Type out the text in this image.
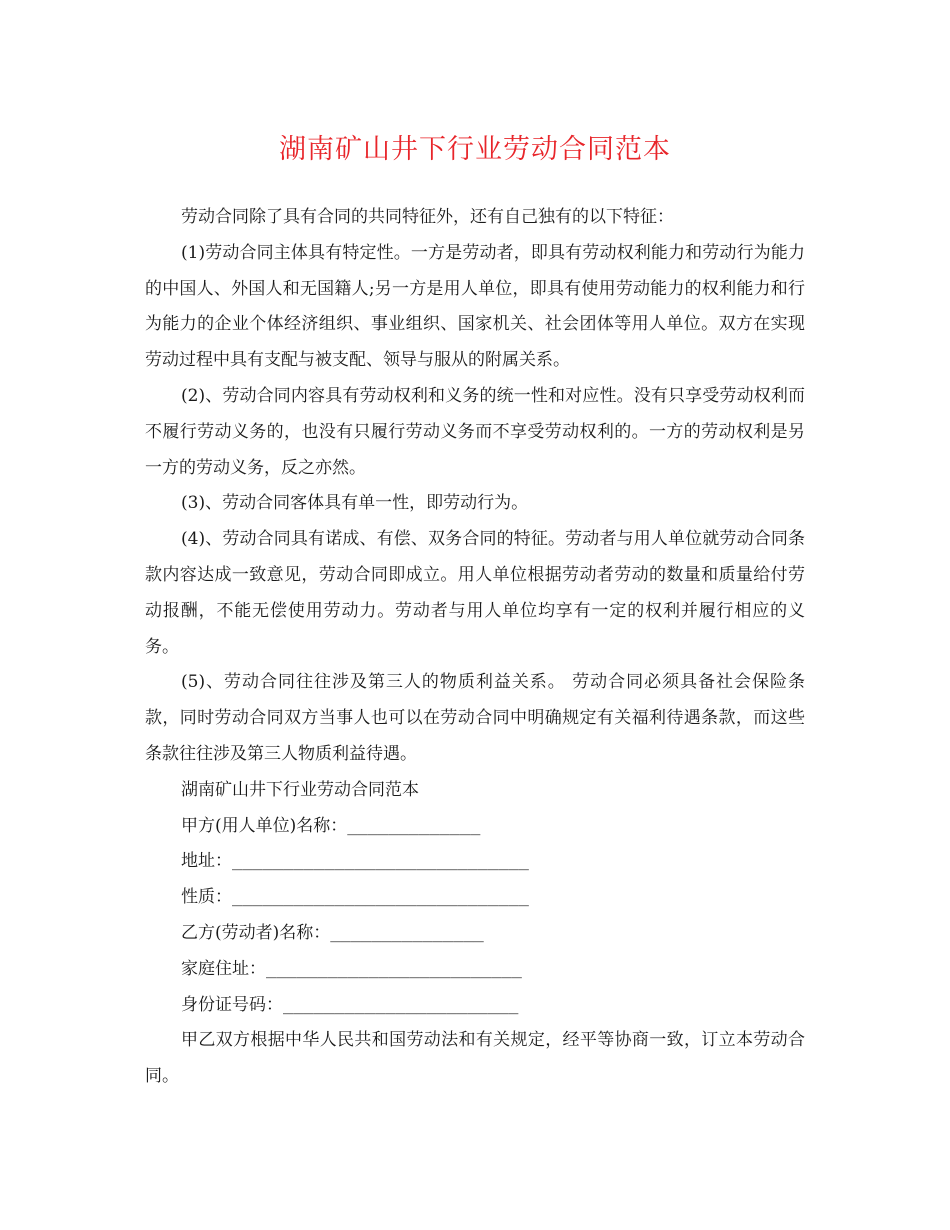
湖南矿山井下行业劳动合同范本

劳动合同除了具有合同的共同特征外，还有自己独有的以下特征：

(1)劳动合同主体具有特定性。一方是劳动者，即具有劳动权利能力和劳动行为能力的中国人、外国人和无国籍人;另一方是用人单位，即具有使用劳动能力的权利能力和行为能力的企业个体经济组织、事业组织、国家机关、社会团体等用人单位。双方在实现劳动过程中具有支配与被支配、领导与服从的附属关系。

(2)、劳动合同内容具有劳动权利和义务的统一性和对应性。没有只享受劳动权利而不履行劳动义务的，也没有只履行劳动义务而不享受劳动权利的。一方的劳动权利是另一方的劳动义务，反之亦然。

(3)、劳动合同客体具有单一性，即劳动行为。

(4)、劳动合同具有诺成、有偿、双务合同的特征。劳动者与用人单位就劳动合同条款内容达成一致意见，劳动合同即成立。用人单位根据劳动者劳动的数量和质量给付劳动报酬，不能无偿使用劳动力。劳动者与用人单位均享有一定的权利并履行相应的义务。

(5)、劳动合同往往涉及第三人的物质利益关系。 劳动合同必须具备社会保险条款，同时劳动合同双方当事人也可以在劳动合同中明确规定有关福利待遇条款，而这些条款往往涉及第三人物质利益待遇。

湖南矿山井下行业劳动合同范本

甲方(用人单位)名称：_____________

地址：_____________________________

性质：_____________________________

乙方(劳动者)名称：_______________

家庭住址：_________________________

身份证号码：_______________________

甲乙双方根据中华人民共和国劳动法和有关规定，经平等协商一致，订立本劳动合同。
